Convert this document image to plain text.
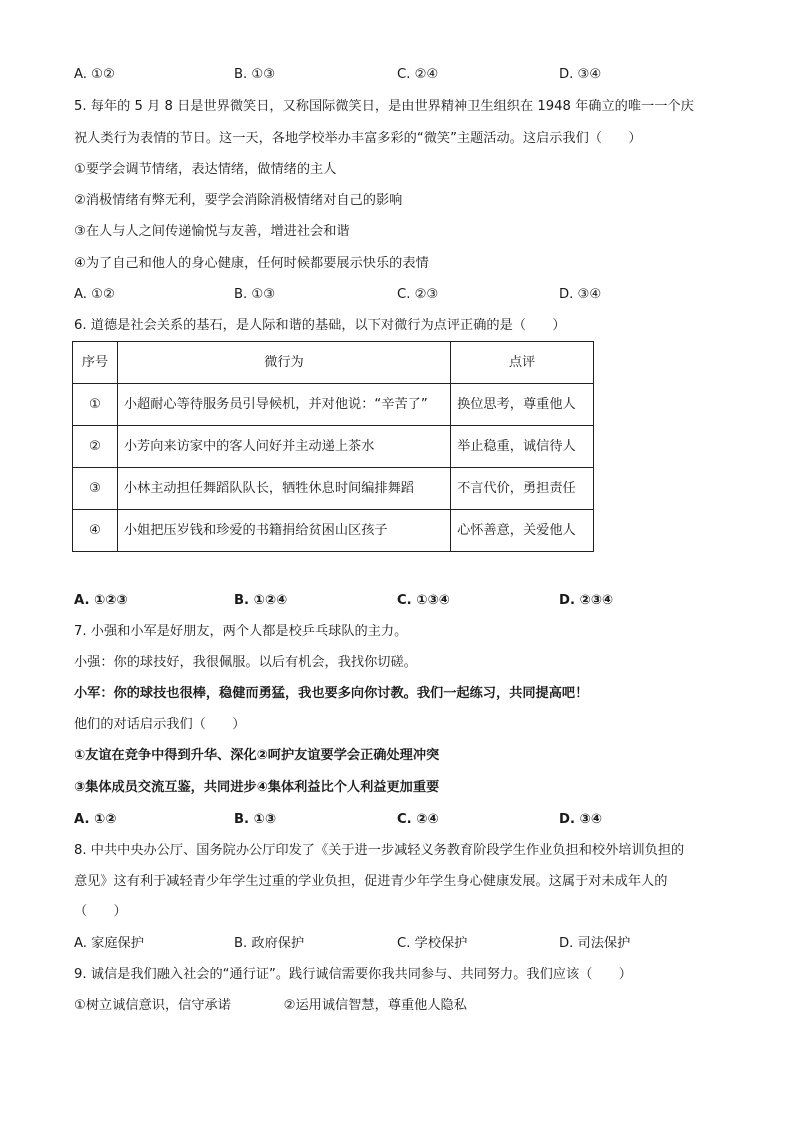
A. ①②	B. ①③	C. ②④	D. ③④
5. 每年的 5 月 8 日是世界微笑日，又称国际微笑日，是由世界精神卫生组织在 1948 年确立的唯一一个庆
祝人类行为表情的节日。这一天，各地学校举办丰富多彩的“微笑”主题活动。这启示我们（　　）
①要学会调节情绪，表达情绪，做情绪的主人
②消极情绪有弊无利，要学会消除消极情绪对自己的影响
③在人与人之间传递愉悦与友善，增进社会和谐
④为了自己和他人的身心健康，任何时候都要展示快乐的表情
A. ①②	B. ①③	C. ②③	D. ③④
6. 道德是社会关系的基石，是人际和谐的基础，以下对微行为点评正确的是（　　）
序号	微行为	点评
①	小超耐心等待服务员引导候机，并对他说：“辛苦了”	换位思考，尊重他人
②	小芳向来访家中的客人问好并主动递上茶水	举止稳重，诚信待人
③	小林主动担任舞蹈队队长，牺牲休息时间编排舞蹈	不言代价，勇担责任
④	小姐把压岁钱和珍爱的书籍捐给贫困山区孩子	心怀善意，关爱他人
A. ①②③	B. ①②④	C. ①③④	D. ②③④
7. 小强和小军是好朋友，两个人都是校乒乓球队的主力。
小强：你的球技好，我很佩服。以后有机会，我找你切磋。
小军：你的球技也很棒，稳健而勇猛，我也要多向你讨教。我们一起练习，共同提高吧！
他们的对话启示我们（　　）
①友谊在竞争中得到升华、深化②呵护友谊要学会正确处理冲突
③集体成员交流互鉴，共同进步④集体利益比个人利益更加重要
A. ①②	B. ①③	C. ②④	D. ③④
8. 中共中央办公厅、国务院办公厅印发了《关于进一步减轻义务教育阶段学生作业负担和校外培训负担的
意见》这有利于减轻青少年学生过重的学业负担，促进青少年学生身心健康发展。这属于对未成年人的
（　　）
A. 家庭保护	B. 政府保护	C. 学校保护	D. 司法保护
9. 诚信是我们融入社会的“通行证”。践行诚信需要你我共同参与、共同努力。我们应该（　　）
①树立诚信意识，信守承诺　　　　②运用诚信智慧，尊重他人隐私
